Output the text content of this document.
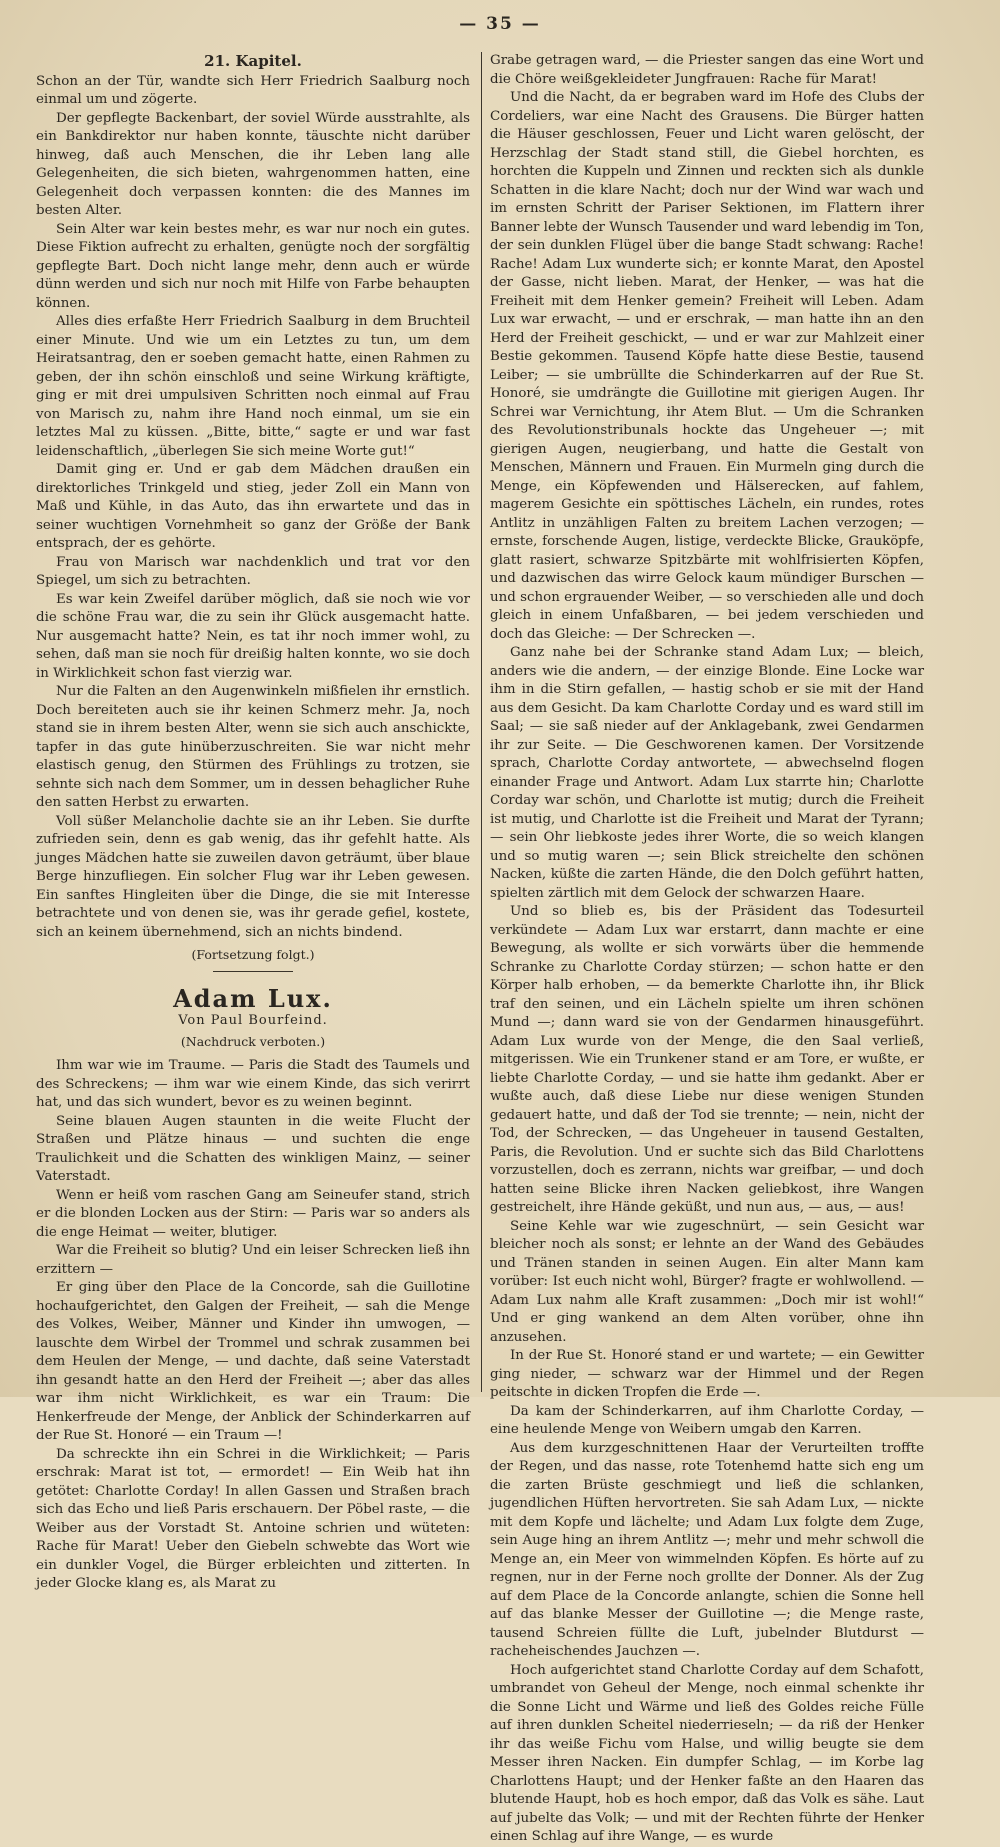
— 35 —
21. Kapitel.

Schon an der Tür, wandte sich Herr Friedrich Saalburg noch einmal um und zögerte.

Der gepflegte Backenbart, der soviel Würde ausstrahlte, als ein Bankdirektor nur haben konnte, täuschte nicht darüber hinweg, daß auch Menschen, die ihr Leben lang alle Gelegenheiten, die sich bieten, wahrgenommen hatten, eine Gelegenheit doch verpassen konnten: die des Mannes im besten Alter.

Sein Alter war kein bestes mehr, es war nur noch ein gutes. Diese Fiktion aufrecht zu erhalten, genügte noch der sorgfältig gepflegte Bart. Doch nicht lange mehr, denn auch er würde dünn werden und sich nur noch mit Hilfe von Farbe behaupten können.

Alles dies erfaßte Herr Friedrich Saalburg in dem Bruchteil einer Minute. Und wie um ein Letztes zu tun, um dem Heiratsantrag, den er soeben gemacht hatte, einen Rahmen zu geben, der ihn schön einschloß und seine Wirkung kräftigte, ging er mit drei umpulsiven Schritten noch einmal auf Frau von Marisch zu, nahm ihre Hand noch einmal, um sie ein letztes Mal zu küssen. „Bitte, bitte,“ sagte er und war fast leidenschaftlich, „überlegen Sie sich meine Worte gut!“

Damit ging er. Und er gab dem Mädchen draußen ein direktorliches Trinkgeld und stieg, jeder Zoll ein Mann von Maß und Kühle, in das Auto, das ihn erwartete und das in seiner wuchtigen Vornehmheit so ganz der Größe der Bank entsprach, der es gehörte.

Frau von Marisch war nachdenklich und trat vor den Spiegel, um sich zu betrachten.

Es war kein Zweifel darüber möglich, daß sie noch wie vor die schöne Frau war, die zu sein ihr Glück ausgemacht hatte. Nur ausgemacht hatte? Nein, es tat ihr noch immer wohl, zu sehen, daß man sie noch für dreißig halten konnte, wo sie doch in Wirklichkeit schon fast vierzig war.

Nur die Falten an den Augenwinkeln mißfielen ihr ernstlich. Doch bereiteten auch sie ihr keinen Schmerz mehr. Ja, noch stand sie in ihrem besten Alter, wenn sie sich auch anschickte, tapfer in das gute hinüberzuschreiten. Sie war nicht mehr elastisch genug, den Stürmen des Frühlings zu trotzen, sie sehnte sich nach dem Sommer, um in dessen behaglicher Ruhe den satten Herbst zu erwarten.

Voll süßer Melancholie dachte sie an ihr Leben. Sie durfte zufrieden sein, denn es gab wenig, das ihr gefehlt hatte. Als junges Mädchen hatte sie zuweilen davon geträumt, über blaue Berge hinzufliegen. Ein solcher Flug war ihr Leben gewesen. Ein sanftes Hingleiten über die Dinge, die sie mit Interesse betrachtete und von denen sie, was ihr gerade gefiel, kostete, sich an keinem übernehmend, sich an nichts bindend.

(Fortsetzung folgt.)
Adam Lux.
Von Paul Bourfeind.
(Nachdruck verboten.)

Ihm war wie im Traume. — Paris die Stadt des Taumels und des Schreckens; — ihm war wie einem Kinde, das sich verirrt hat, und das sich wundert, bevor es zu weinen beginnt.

Seine blauen Augen staunten in die weite Flucht der Straßen und Plätze hinaus — und suchten die enge Traulichkeit und die Schatten des winkligen Mainz, — seiner Vaterstadt.

Wenn er heiß vom raschen Gang am Seineufer stand, strich er die blonden Locken aus der Stirn: — Paris war so anders als die enge Heimat — weiter, blutiger.

War die Freiheit so blutig? Und ein leiser Schrecken ließ ihn erzittern —

Er ging über den Place de la Concorde, sah die Guillotine hochaufgerichtet, den Galgen der Freiheit, — sah die Menge des Volkes, Weiber, Männer und Kinder ihn umwogen, — lauschte dem Wirbel der Trommel und schrak zusammen bei dem Heulen der Menge, — und dachte, daß seine Vaterstadt ihn gesandt hatte an den Herd der Freiheit —; aber das alles war ihm nicht Wirklichkeit, es war ein Traum: Die Henkerfreude der Menge, der Anblick der Schinderkarren auf der Rue St. Honoré — ein Traum —!

Da schreckte ihn ein Schrei in die Wirklichkeit; — Paris erschrak: Marat ist tot, — ermordet! — Ein Weib hat ihn getötet: Charlotte Corday! In allen Gassen und Straßen brach sich das Echo und ließ Paris erschauern. Der Pöbel raste, — die Weiber aus der Vorstadt St. Antoine schrien und wüteten: Rache für Marat! Ueber den Giebeln schwebte das Wort wie ein dunkler Vogel, die Bürger erbleichten und zitterten. In jeder Glocke klang es, als Marat zu

Grabe getragen ward, — die Priester sangen das eine Wort und die Chöre weißgekleideter Jungfrauen: Rache für Marat!

Und die Nacht, da er begraben ward im Hofe des Clubs der Cordeliers, war eine Nacht des Grausens. Die Bürger hatten die Häuser geschlossen, Feuer und Licht waren gelöscht, der Herzschlag der Stadt stand still, die Giebel horchten, es horchten die Kuppeln und Zinnen und reckten sich als dunkle Schatten in die klare Nacht; doch nur der Wind war wach und im ernsten Schritt der Pariser Sektionen, im Flattern ihrer Banner lebte der Wunsch Tausender und ward lebendig im Ton, der sein dunklen Flügel über die bange Stadt schwang: Rache! Rache! Adam Lux wunderte sich; er konnte Marat, den Apostel der Gasse, nicht lieben. Marat, der Henker, — was hat die Freiheit mit dem Henker gemein? Freiheit will Leben. Adam Lux war erwacht, — und er erschrak, — man hatte ihn an den Herd der Freiheit geschickt, — und er war zur Mahlzeit einer Bestie gekommen. Tausend Köpfe hatte diese Bestie, tausend Leiber; — sie umbrüllte die Schinderkarren auf der Rue St. Honoré, sie umdrängte die Guillotine mit gierigen Augen. Ihr Schrei war Vernichtung, ihr Atem Blut. — Um die Schranken des Revolutionstribunals hockte das Ungeheuer —; mit gierigen Augen, neugierbang, und hatte die Gestalt von Menschen, Männern und Frauen. Ein Murmeln ging durch die Menge, ein Köpfewenden und Hälserecken, auf fahlem, magerem Gesichte ein spöttisches Lächeln, ein rundes, rotes Antlitz in unzähligen Falten zu breitem Lachen verzogen; — ernste, forschende Augen, listige, verdeckte Blicke, Grauköpfe, glatt rasiert, schwarze Spitzbärte mit wohlfrisierten Köpfen, und dazwischen das wirre Gelock kaum mündiger Burschen — und schon ergrauender Weiber, — so verschieden alle und doch gleich in einem Unfaßbaren, — bei jedem verschieden und doch das Gleiche: — Der Schrecken —.

Ganz nahe bei der Schranke stand Adam Lux; — bleich, anders wie die andern, — der einzige Blonde. Eine Locke war ihm in die Stirn gefallen, — hastig schob er sie mit der Hand aus dem Gesicht. Da kam Charlotte Corday und es ward still im Saal; — sie saß nieder auf der Anklagebank, zwei Gendarmen ihr zur Seite. — Die Geschworenen kamen. Der Vorsitzende sprach, Charlotte Corday antwortete, — abwechselnd flogen einander Frage und Antwort. Adam Lux starrte hin; Charlotte Corday war schön, und Charlotte ist mutig; durch die Freiheit ist mutig, und Charlotte ist die Freiheit und Marat der Tyrann; — sein Ohr liebkoste jedes ihrer Worte, die so weich klangen und so mutig waren —; sein Blick streichelte den schönen Nacken, küßte die zarten Hände, die den Dolch geführt hatten, spielten zärtlich mit dem Gelock der schwarzen Haare.

Und so blieb es, bis der Präsident das Todesurteil verkündete — Adam Lux war erstarrt, dann machte er eine Bewegung, als wollte er sich vorwärts über die hemmende Schranke zu Charlotte Corday stürzen; — schon hatte er den Körper halb erhoben, — da bemerkte Charlotte ihn, ihr Blick traf den seinen, und ein Lächeln spielte um ihren schönen Mund —; dann ward sie von der Gendarmen hinausgeführt. Adam Lux wurde von der Menge, die den Saal verließ, mitgerissen. Wie ein Trunkener stand er am Tore, er wußte, er liebte Charlotte Corday, — und sie hatte ihm gedankt. Aber er wußte auch, daß diese Liebe nur diese wenigen Stunden gedauert hatte, und daß der Tod sie trennte; — nein, nicht der Tod, der Schrecken, — das Ungeheuer in tausend Gestalten, Paris, die Revolution. Und er suchte sich das Bild Charlottens vorzustellen, doch es zerrann, nichts war greifbar, — und doch hatten seine Blicke ihren Nacken geliebkost, ihre Wangen gestreichelt, ihre Hände geküßt, und nun aus, — aus, — aus!

Seine Kehle war wie zugeschnürt, — sein Gesicht war bleicher noch als sonst; er lehnte an der Wand des Gebäudes und Tränen standen in seinen Augen. Ein alter Mann kam vorüber: Ist euch nicht wohl, Bürger? fragte er wohlwollend. — Adam Lux nahm alle Kraft zusammen: „Doch mir ist wohl!“ Und er ging wankend an dem Alten vorüber, ohne ihn anzusehen.

In der Rue St. Honoré stand er und wartete; — ein Gewitter ging nieder, — schwarz war der Himmel und der Regen peitschte in dicken Tropfen die Erde —.

Da kam der Schinderkarren, auf ihm Charlotte Corday, — eine heulende Menge von Weibern umgab den Karren.

Aus dem kurzgeschnittenen Haar der Verurteilten troffte der Regen, und das nasse, rote Totenhemd hatte sich eng um die zarten Brüste geschmiegt und ließ die schlanken, jugendlichen Hüften hervortreten. Sie sah Adam Lux, — nickte mit dem Kopfe und lächelte; und Adam Lux folgte dem Zuge, sein Auge hing an ihrem Antlitz —; mehr und mehr schwoll die Menge an, ein Meer von wimmelnden Köpfen. Es hörte auf zu regnen, nur in der Ferne noch grollte der Donner. Als der Zug auf dem Place de la Concorde anlangte, schien die Sonne hell auf das blanke Messer der Guillotine —; die Menge raste, tausend Schreien füllte die Luft, jubelnder Blutdurst — racheheischendes Jauchzen —.

Hoch aufgerichtet stand Charlotte Corday auf dem Schafott, umbrandet von Geheul der Menge, noch einmal schenkte ihr die Sonne Licht und Wärme und ließ des Goldes reiche Fülle auf ihren dunklen Scheitel niederrieseln; — da riß der Henker ihr das weiße Fichu vom Halse, und willig beugte sie dem Messer ihren Nacken. Ein dumpfer Schlag, — im Korbe lag Charlottens Haupt; und der Henker faßte an den Haaren das blutende Haupt, hob es hoch empor, daß das Volk es sähe. Laut auf jubelte das Volk; — und mit der Rechten führte der Henker einen Schlag auf ihre Wange, — es wurde
